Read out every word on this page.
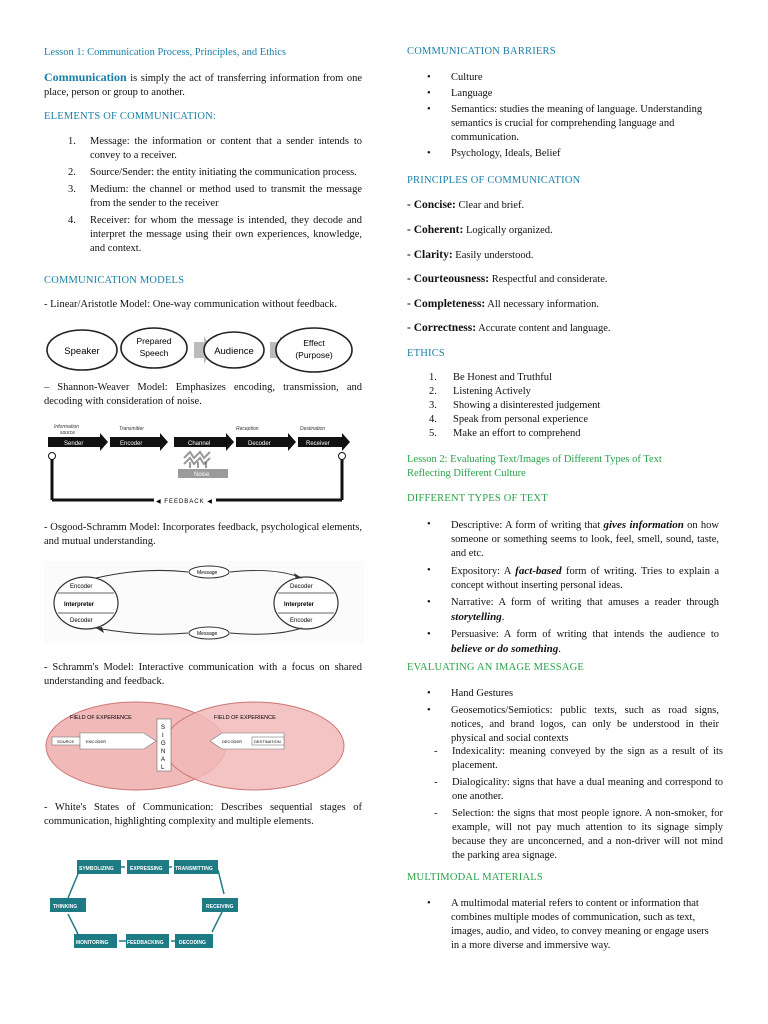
Lesson 1: Communication Process, Principles, and Ethics
Communication is simply the act of transferring information from one place, person or group to another.
ELEMENTS OF COMMUNICATION:
1. Message: the information or content that a sender intends to convey to a receiver.
2. Source/Sender: the entity initiating the communication process.
3. Medium: the channel or method used to transmit the message from the sender to the receiver
4. Receiver: for whom the message is intended, they decode and interpret the message using their own experiences, knowledge, and context.
COMMUNICATION MODELS
- Linear/Aristotle Model: One-way communication without feedback.
Speaker
Prepared
Speech	Audience
Effect
(Purpose)
– Shannon-Weaver Model: Emphasizes encoding, transmission, and decoding with consideration of noise.
Information
source
Transmitter	Reception	Destination
Sender	Encoder	Channel	Decoder	Receiver
Noise
◀ FEEDBACK ◀
- Osgood-Schramm Model: Incorporates feedback, psychological elements, and mutual understanding.
Encoder
Interpreter
Decoder
Decoder
Interpreter
Encoder
Message
Message
- Schramm's Model: Interactive communication with a focus on shared understanding and feedback.
FIELD OF EXPERIENCE	FIELD OF EXPERIENCE
SOURCE	ENCODER
S
I
G
N
A
L
DECODER	DESTINATION
- White's States of Communication: Describes sequential stages of communication, highlighting complexity and multiple elements.
SYMBOLIZING	EXPRESSING TRANSMITTING
RECEIVING
DECODING
FEEDBACKING
MONITORING
THINKING
COMMUNICATION BARRIERS
•	Culture
•	Language
•	Semantics: studies the meaning of language. Understanding semantics is crucial for comprehending language and communication.
•	Psychology, Ideals, Belief
PRINCIPLES OF COMMUNICATION
- Concise: Clear and brief.
- Coherent: Logically organized.
- Clarity: Easily understood.
- Courteousness: Respectful and considerate.
- Completeness: All necessary information.
- Correctness: Accurate content and language.
ETHICS
1. Be Honest and Truthful
2. Listening Actively
3. Showing a disinterested judgement
4. Speak from personal experience
5. Make an effort to comprehend
Lesson 2: Evaluating Text/Images of Different Types of Text Reflecting Different Culture
DIFFERENT TYPES OF TEXT
•	Descriptive: A form of writing that gives information on how someone or something seems to look, feel, smell, sound, taste, and etc.
•	Expository: A fact-based form of writing. Tries to explain a concept without inserting personal ideas.
•	Narrative: A form of writing that amuses a reader through storytelling.
•	Persuasive: A form of writing that intends the audience to believe or do something.
EVALUATING AN IMAGE MESSAGE
•	Hand Gestures
•	Geosemotics/Semiotics: public texts, such as road signs, notices, and brand logos, can only be understood in their physical and social contexts
- Indexicality: meaning conveyed by the sign as a result of its placement.
- Dialogicality: signs that have a dual meaning and correspond to one another.
- Selection: the signs that most people ignore. A non-smoker, for example, will not pay much attention to its signage simply because they are unconcerned, and a non-driver will not mind the parking area signage.
MULTIMODAL MATERIALS
•	A multimodal material refers to content or information that combines multiple modes of communication, such as text, images, audio, and video, to convey meaning or engage users in a more diverse and immersive way.
